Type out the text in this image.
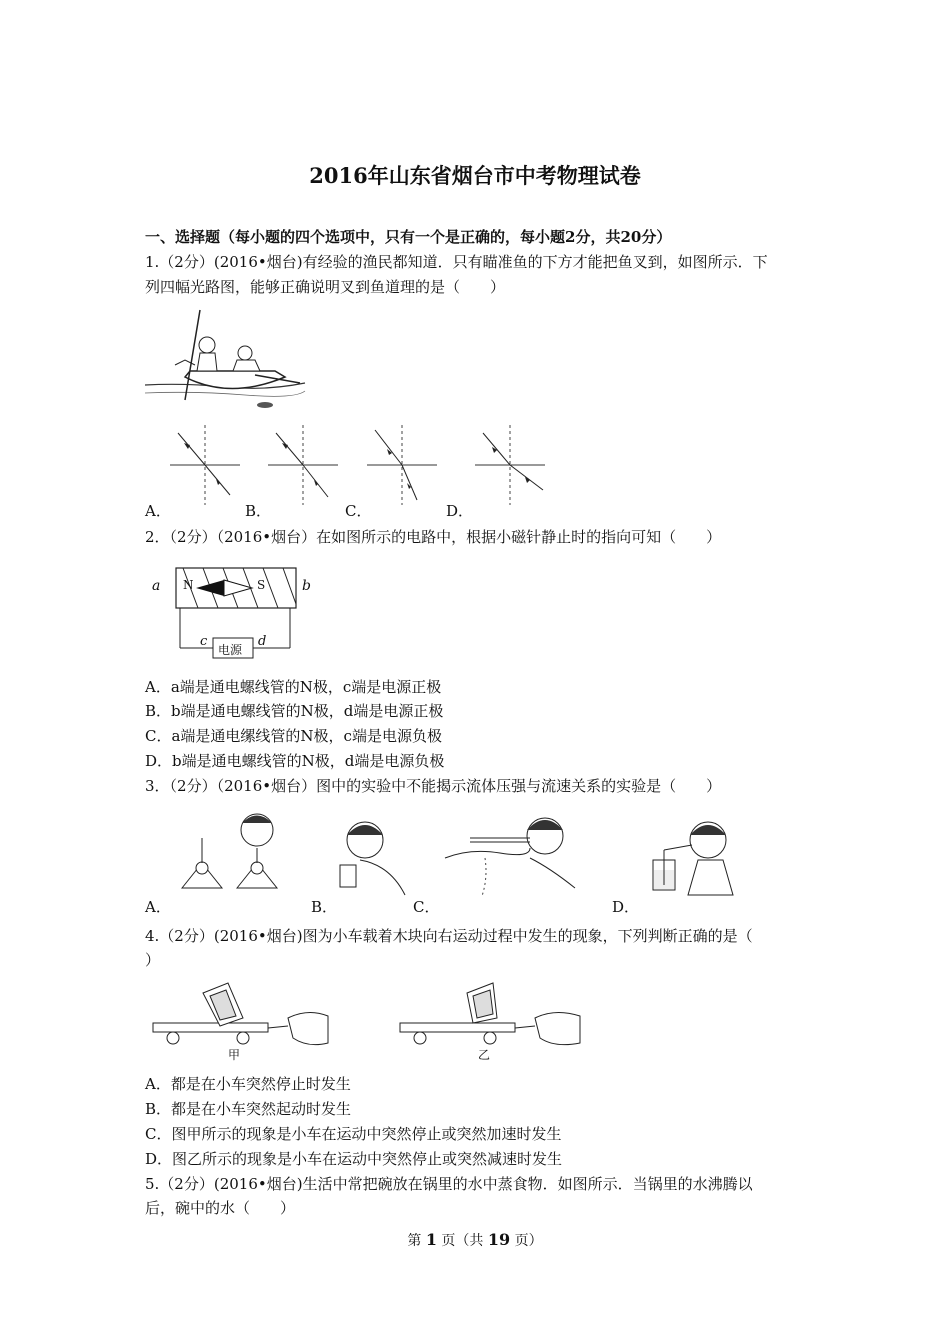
2016年山东省烟台市中考物理试卷
一、选择题（每小题的四个选项中，只有一个是正确的，每小题2分，共20分）
1.（2分）(2016•烟台)有经验的渔民都知道．只有瞄准鱼的下方才能把鱼叉到，如图所示．下
列四幅光路图，能够正确说明叉到鱼道理的是（　　）
A．	B．	C．	D．
2．（2分）（2016•烟台）在如图所示的电路中，根据小磁针静止时的指向可知（　　）
a	b
N	S
c	d
电源
A．a端是通电螺线管的N极，c端是电源正极
B．b端是通电螺线管的N极，d端是电源正极
C．a端是通电缧线管的N极，c端是电源负极
D．b端是通电螺线管的N极，d端是电源负极
3．（2分）（2016•烟台）图中的实验中不能揭示流体压强与流速关系的实验是（　　）
A．	B．	C．	D．
4.（2分）(2016•烟台)图为小车载着木块向右运动过程中发生的现象，下列判断正确的是（
）
甲	乙
A．都是在小车突然停止时发生
B．都是在小车突然起动时发生
C．图甲所示的现象是小车在运动中突然停止或突然加速时发生
D．图乙所示的现象是小车在运动中突然停止或突然减速时发生
5.（2分）(2016•烟台)生活中常把碗放在锅里的水中蒸食物．如图所示．当锅里的水沸腾以
后，碗中的水（　　）
第 1 页（共 19 页）
